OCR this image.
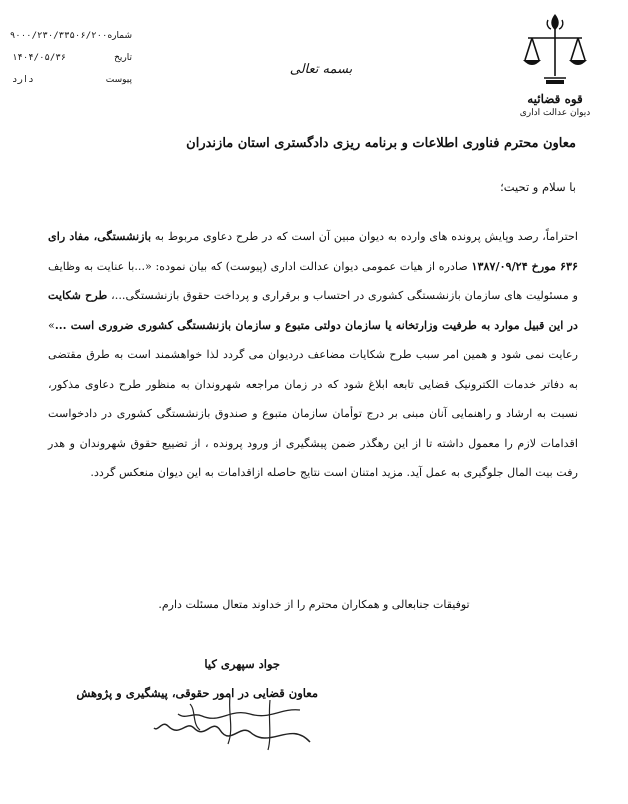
شماره
۹۰۰۰/۲۳۰/۳۳۵۰۶/۲۰۰
تاریخ
۱۴۰۴/۰۵/۳۶
پیوست
دارد
بسمه تعالی
قوه قضائیه
دیوان عدالت اداری
معاون محترم فناوری اطلاعات و برنامه ریزی دادگستری استان مازندران
با سلام و تحیت؛
احتراماً، رصد وپایش پرونده های وارده به دیوان مبین آن است که در طرح دعاوی مربوط به بازنشستگی، مفاد رای ۶۳۶ مورخ ۱۳۸۷/۰۹/۲۴ صادره از هیات عمومی دیوان عدالت اداری (پیوست) که بیان نموده: «...با عنایت به وظایف و مسئولیت های سازمان بازنشستگی کشوری در احتساب و برقراری و پرداخت حقوق بازنشستگی...، طرح شکایت در این قبیل موارد به طرفیت وزارتخانه یا سازمان دولتی متبوع و سازمان بازنشستگی کشوری ضروری است ...» رعایت نمی شود و همین امر سبب طرح شکایات مضاعف دردیوان می گردد لذا خواهشمند است به طرق مقتضی به دفاتر خدمات الکترونیک قضایی تابعه ابلاغ شود که در زمان مراجعه شهروندان به منظور طرح دعاوی مذکور، نسبت به ارشاد و راهنمایی آنان مبنی بر درج توأمان سازمان متبوع و صندوق بازنشستگی کشوری در دادخواست اقدامات لازم را معمول داشته تا از این رهگذر ضمن پیشگیری از ورود پرونده ، از تضییع حقوق شهروندان و هدر رفت بیت المال جلوگیری به عمل آید. مزید امتنان است نتایج حاصله ازاقدامات به این دیوان منعکس گردد.
توفیقات جنابعالی و همکاران محترم را از خداوند متعال مسئلت دارم.
جواد سپهری کیا
معاون قضایی در امور حقوقی، پیشگیری و پژوهش
